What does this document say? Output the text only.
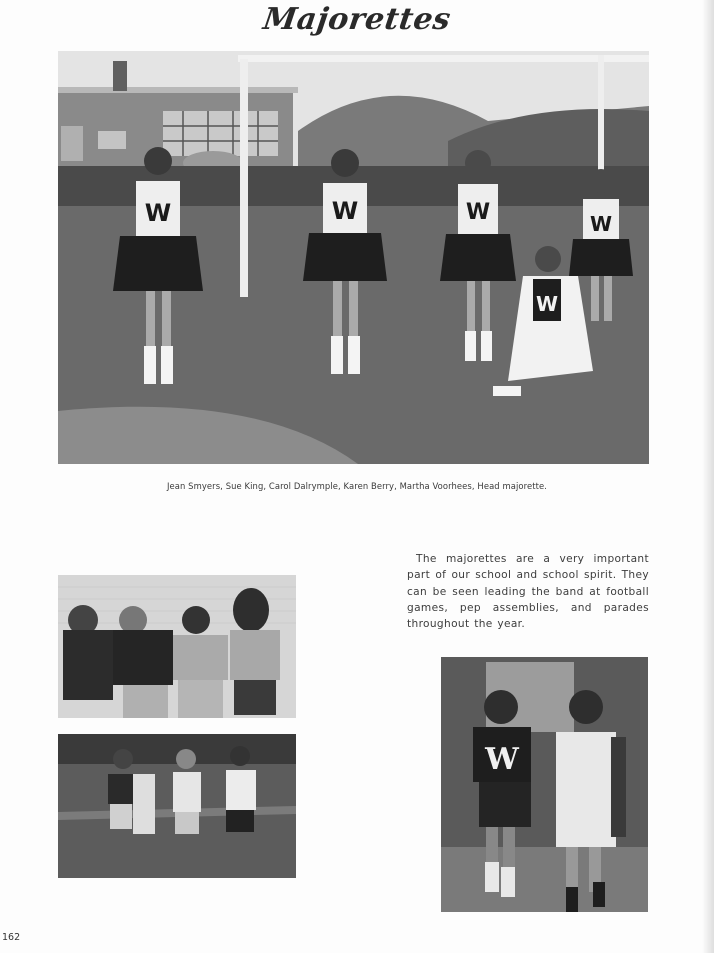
Majorettes
W	W	W	W
W
Jean Smyers, Sue King, Carol Dalrymple, Karen Berry, Martha Voorhees, Head majorette.
The majorettes are a very important part of our school and school spirit. They can be seen leading the band at football games, pep assemblies, and parades throughout the year.
W
162
